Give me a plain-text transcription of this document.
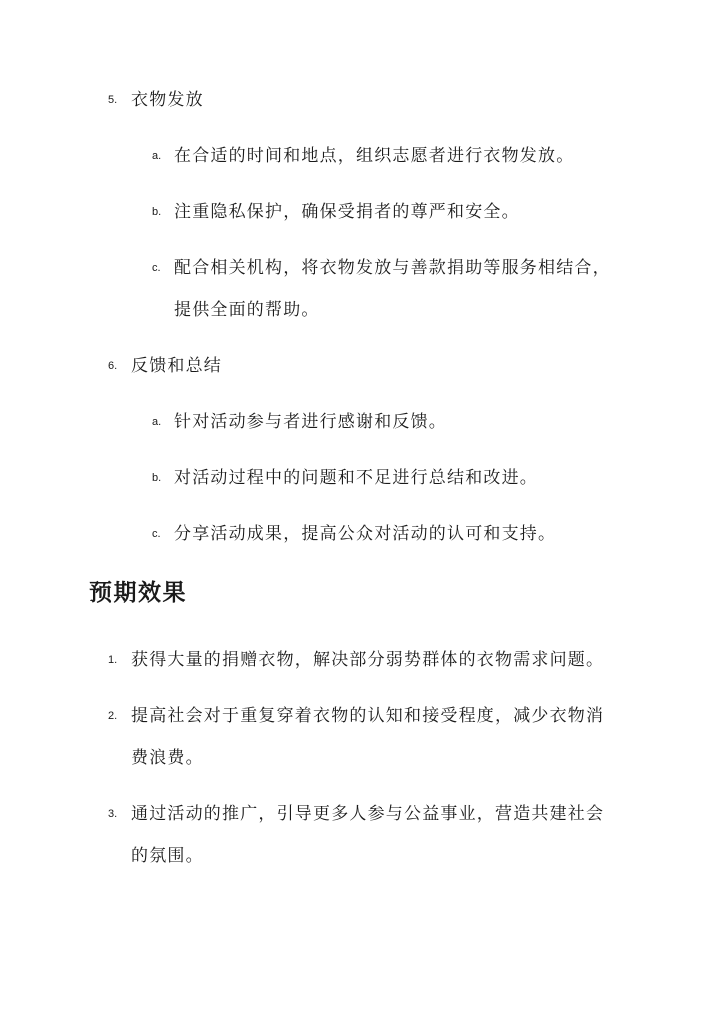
5. 衣物发放
a. 在合适的时间和地点，组织志愿者进行衣物发放。
b. 注重隐私保护，确保受捐者的尊严和安全。
c. 配合相关机构，将衣物发放与善款捐助等服务相结合，
提供全面的帮助。
6. 反馈和总结
a. 针对活动参与者进行感谢和反馈。
b. 对活动过程中的问题和不足进行总结和改进。
c. 分享活动成果，提高公众对活动的认可和支持。
预期效果
1. 获得大量的捐赠衣物，解决部分弱势群体的衣物需求问题。
2. 提高社会对于重复穿着衣物的认知和接受程度，减少衣物消
费浪费。
3. 通过活动的推广，引导更多人参与公益事业，营造共建社会
的氛围。
